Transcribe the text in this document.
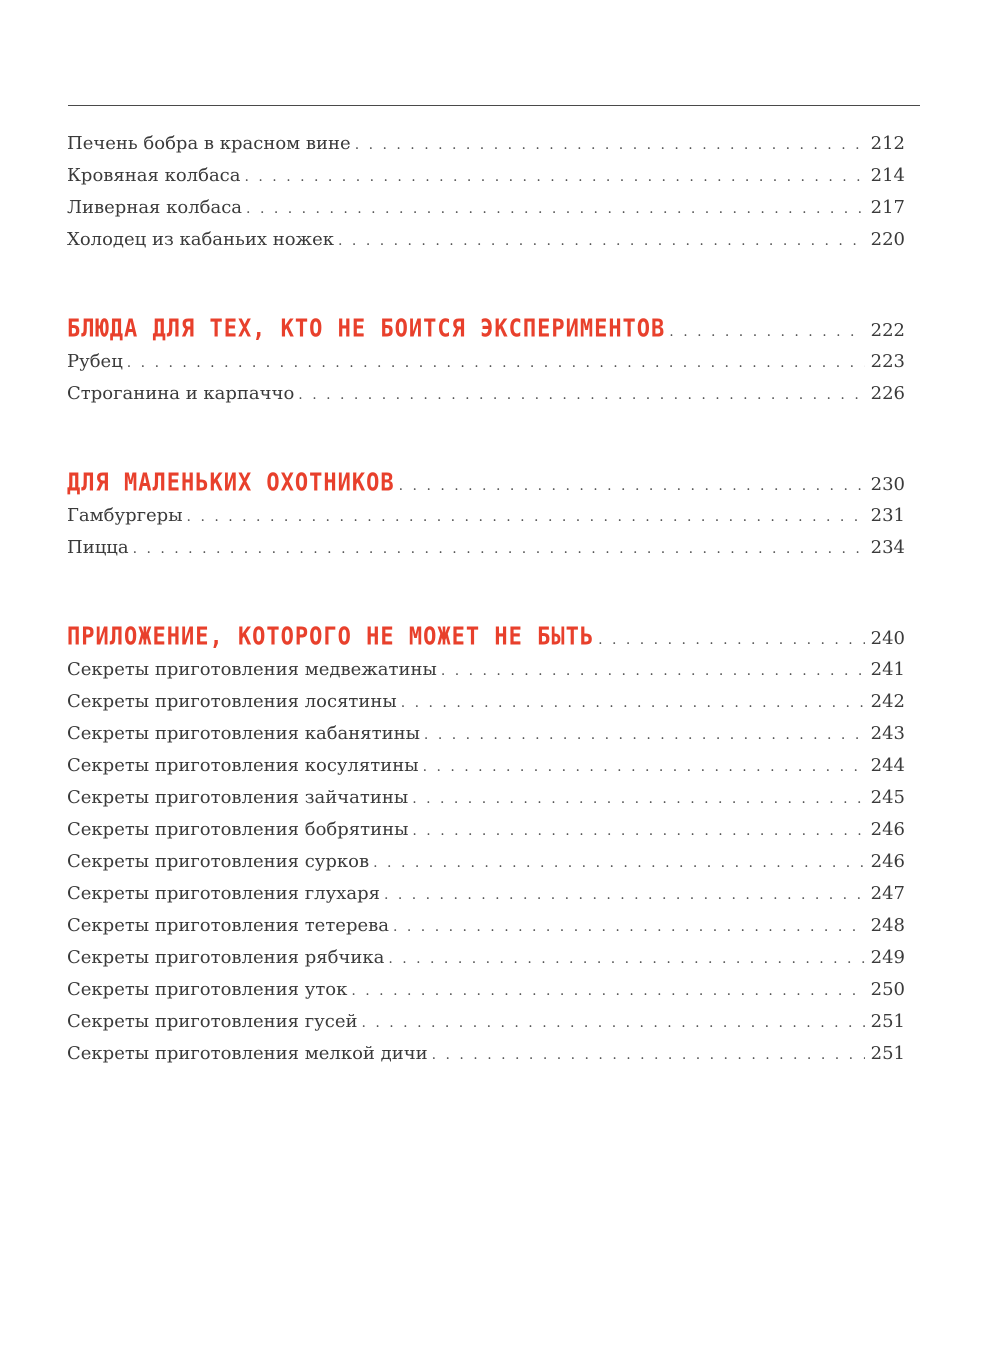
Печень бобра в красном вине . . .	212
Кровяная колбаса . . .	214
Ливерная колбаса . . .	217
Холодец из кабаньих ножек . . .	220
БЛЮДА ДЛЯ ТЕХ, КТО НЕ БОИТСЯ ЭКСПЕРИМЕНТОВ . . .	222
Рубец . . .	223
Строганина и карпаччо . . .	226
ДЛЯ МАЛЕНЬКИХ ОХОТНИКОВ . . .	230
Гамбургеры . . .	231
Пицца . . .	234
ПРИЛОЖЕНИЕ, КОТОРОГО НЕ МОЖЕТ НЕ БЫТЬ . . .	240
Секреты приготовления медвежатины . . .	241
Секреты приготовления лосятины . . .	242
Секреты приготовления кабанятины . . .	243
Секреты приготовления косулятины . . .	244
Секреты приготовления зайчатины . . .	245
Секреты приготовления бобрятины . . .	246
Секреты приготовления сурков . . .	246
Секреты приготовления глухаря . . .	247
Секреты приготовления тетерева . . .	248
Секреты приготовления рябчика . . .	249
Секреты приготовления уток . . .	250
Секреты приготовления гусей . . .	251
Секреты приготовления мелкой дичи . . .	251
